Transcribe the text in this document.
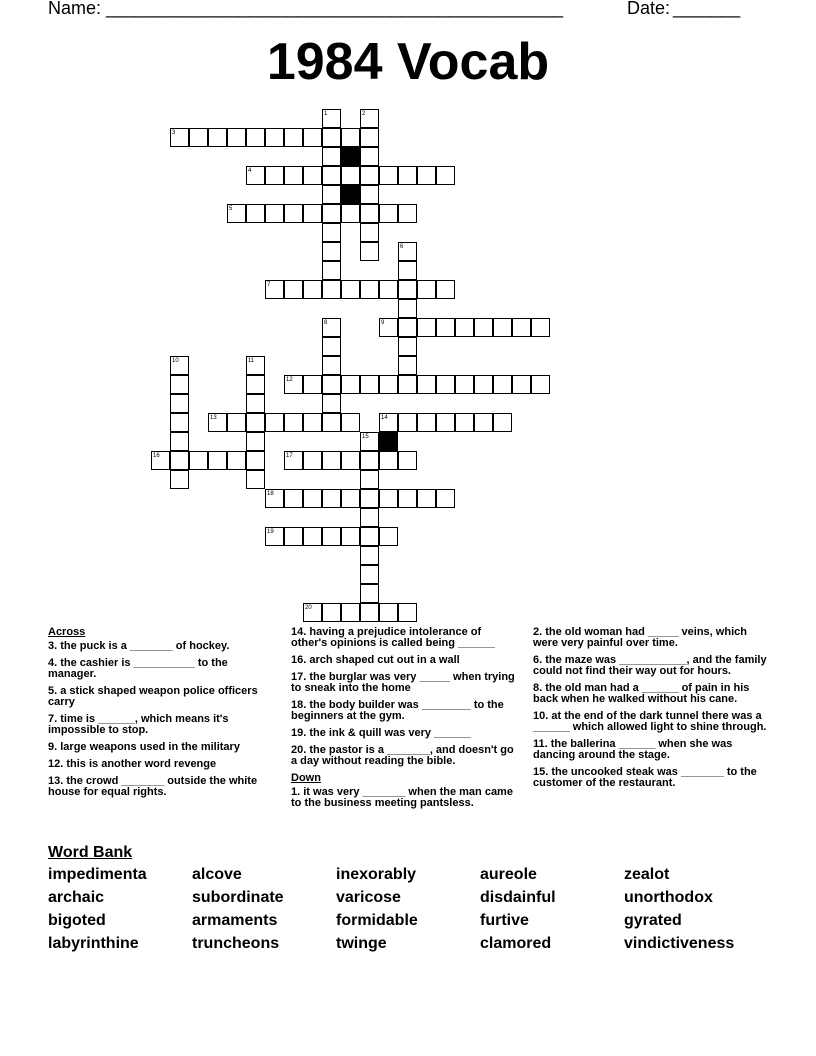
Name: ________________________________________________	Date: _______
1984 Vocab
3
4
5
7
9
12
13	14
16	17
18
19
20
1	2
6
8
10	11
15
Across
3. the puck is a _______ of hockey.
4. the cashier is __________ to the manager.
5. a stick shaped weapon police officers carry
7. time is ______, which means it's impossible to stop.
9. large weapons used in the military
12. this is another word revenge
13. the crowd _______ outside the white house for equal rights.
14. having a prejudice intolerance of other's opinions is called being ______
16. arch shaped cut out in a wall
17. the burglar was very _____ when trying to sneak into the home
18. the body builder was ________ to the beginners at the gym.
19. the ink & quill was very ______
20. the pastor is a _______, and doesn't go a day without reading the bible.
Down
1. it was very _______ when the man came to the business meeting pantsless.
2. the old woman had _____ veins, which were very painful over time.
6. the maze was ___________, and the family could not find their way out for hours.
8. the old man had a ______ of pain in his back when he walked without his cane.
10. at the end of the dark tunnel there was a ______ which allowed light to shine through.
11. the ballerina ______ when she was dancing around the stage.
15. the uncooked steak was _______ to the customer of the restaurant.
Word Bank
impedimenta	alcove	inexorably	aureole	zealot
archaic	subordinate	varicose	disdainful	unorthodox
bigoted	armaments	formidable	furtive	gyrated
labyrinthine	truncheons	twinge	clamored	vindictiveness
